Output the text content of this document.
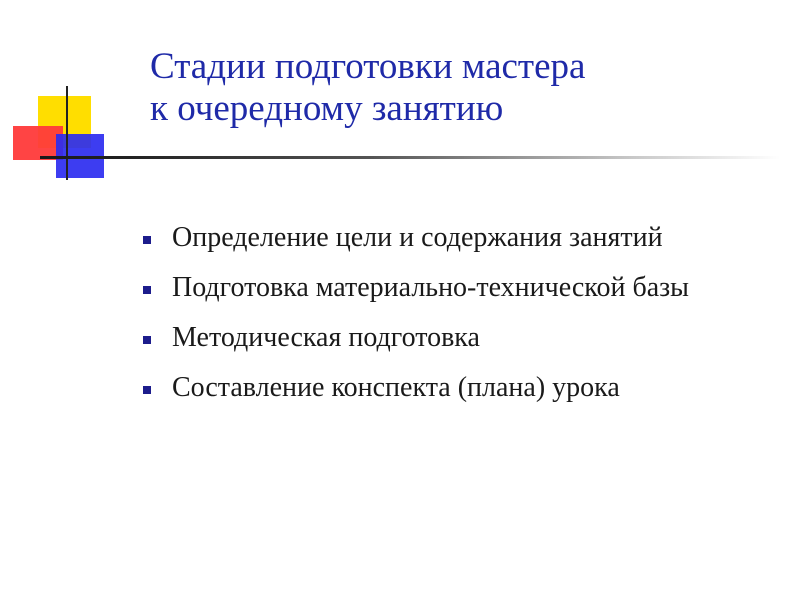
Стадии подготовки мастера
к очередному занятию
Определение цели и содержания занятий
Подготовка материально-технической базы
Методическая подготовка
Составление конспекта (плана) урока
